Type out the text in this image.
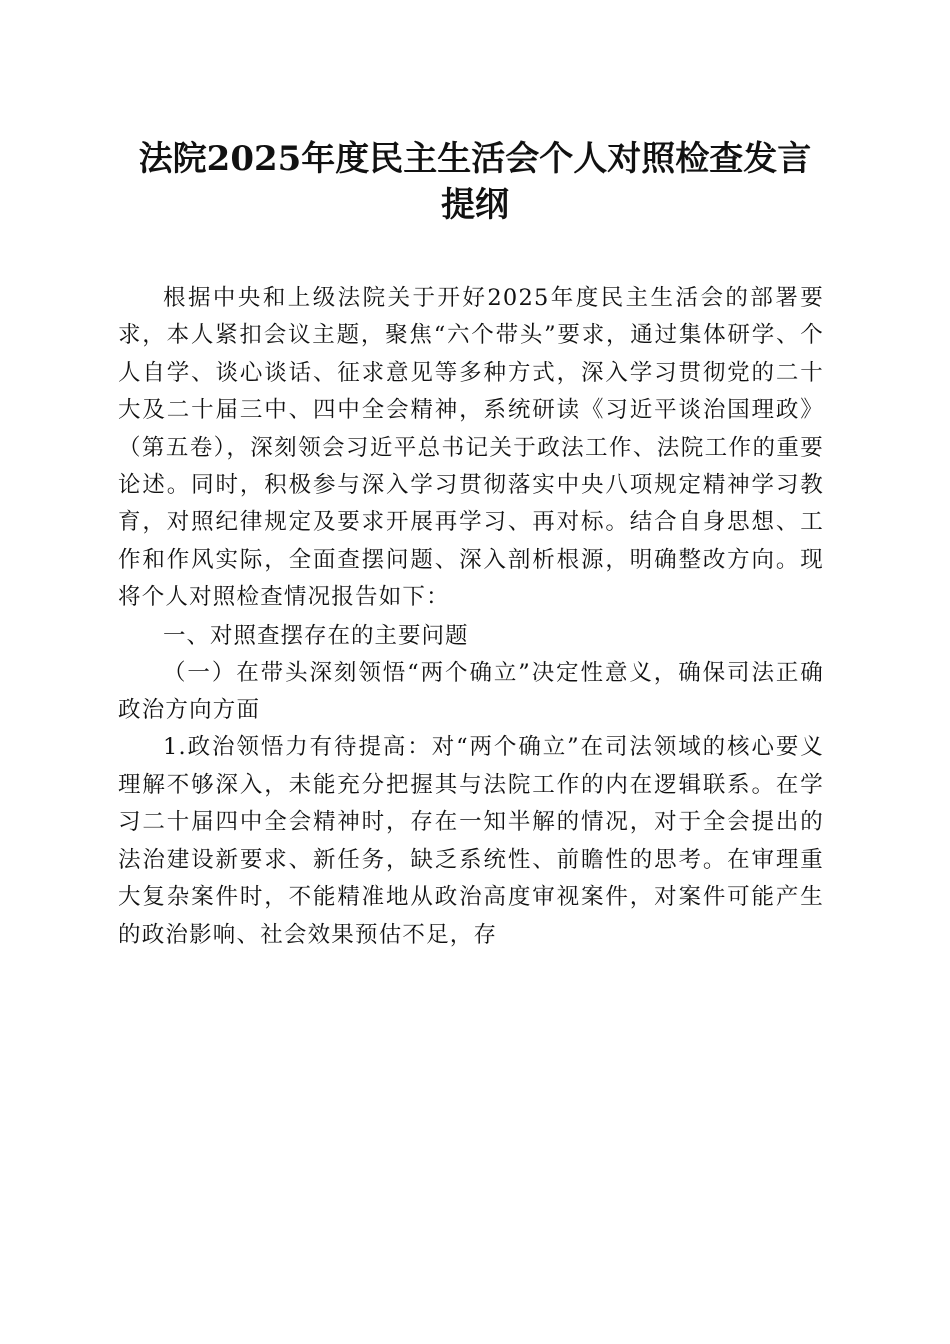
法院2025年度民主生活会个人对照检查发言
提纲

根据中央和上级法院关于开好2025年度民主生活会的部署要求，本人紧扣会议主题，聚焦“六个带头”要求，通过集体研学、个人自学、谈心谈话、征求意见等多种方式，深入学习贯彻党的二十大及二十届三中、四中全会精神，系统研读《习近平谈治国理政》（第五卷），深刻领会习近平总书记关于政法工作、法院工作的重要论述。同时，积极参与深入学习贯彻落实中央八项规定精神学习教育，对照纪律规定及要求开展再学习、再对标。结合自身思想、工作和作风实际，全面查摆问题、深入剖析根源，明确整改方向。现将个人对照检查情况报告如下：

一、对照查摆存在的主要问题

（一）在带头深刻领悟“两个确立”决定性意义，确保司法正确政治方向方面

1.政治领悟力有待提高：对“两个确立”在司法领域的核心要义理解不够深入，未能充分把握其与法院工作的内在逻辑联系。在学习二十届四中全会精神时，存在一知半解的情况，对于全会提出的法治建设新要求、新任务，缺乏系统性、前瞻性的思考。在审理重大复杂案件时，不能精准地从政治高度审视案件，对案件可能产生的政治影响、社会效果预估不足，存
